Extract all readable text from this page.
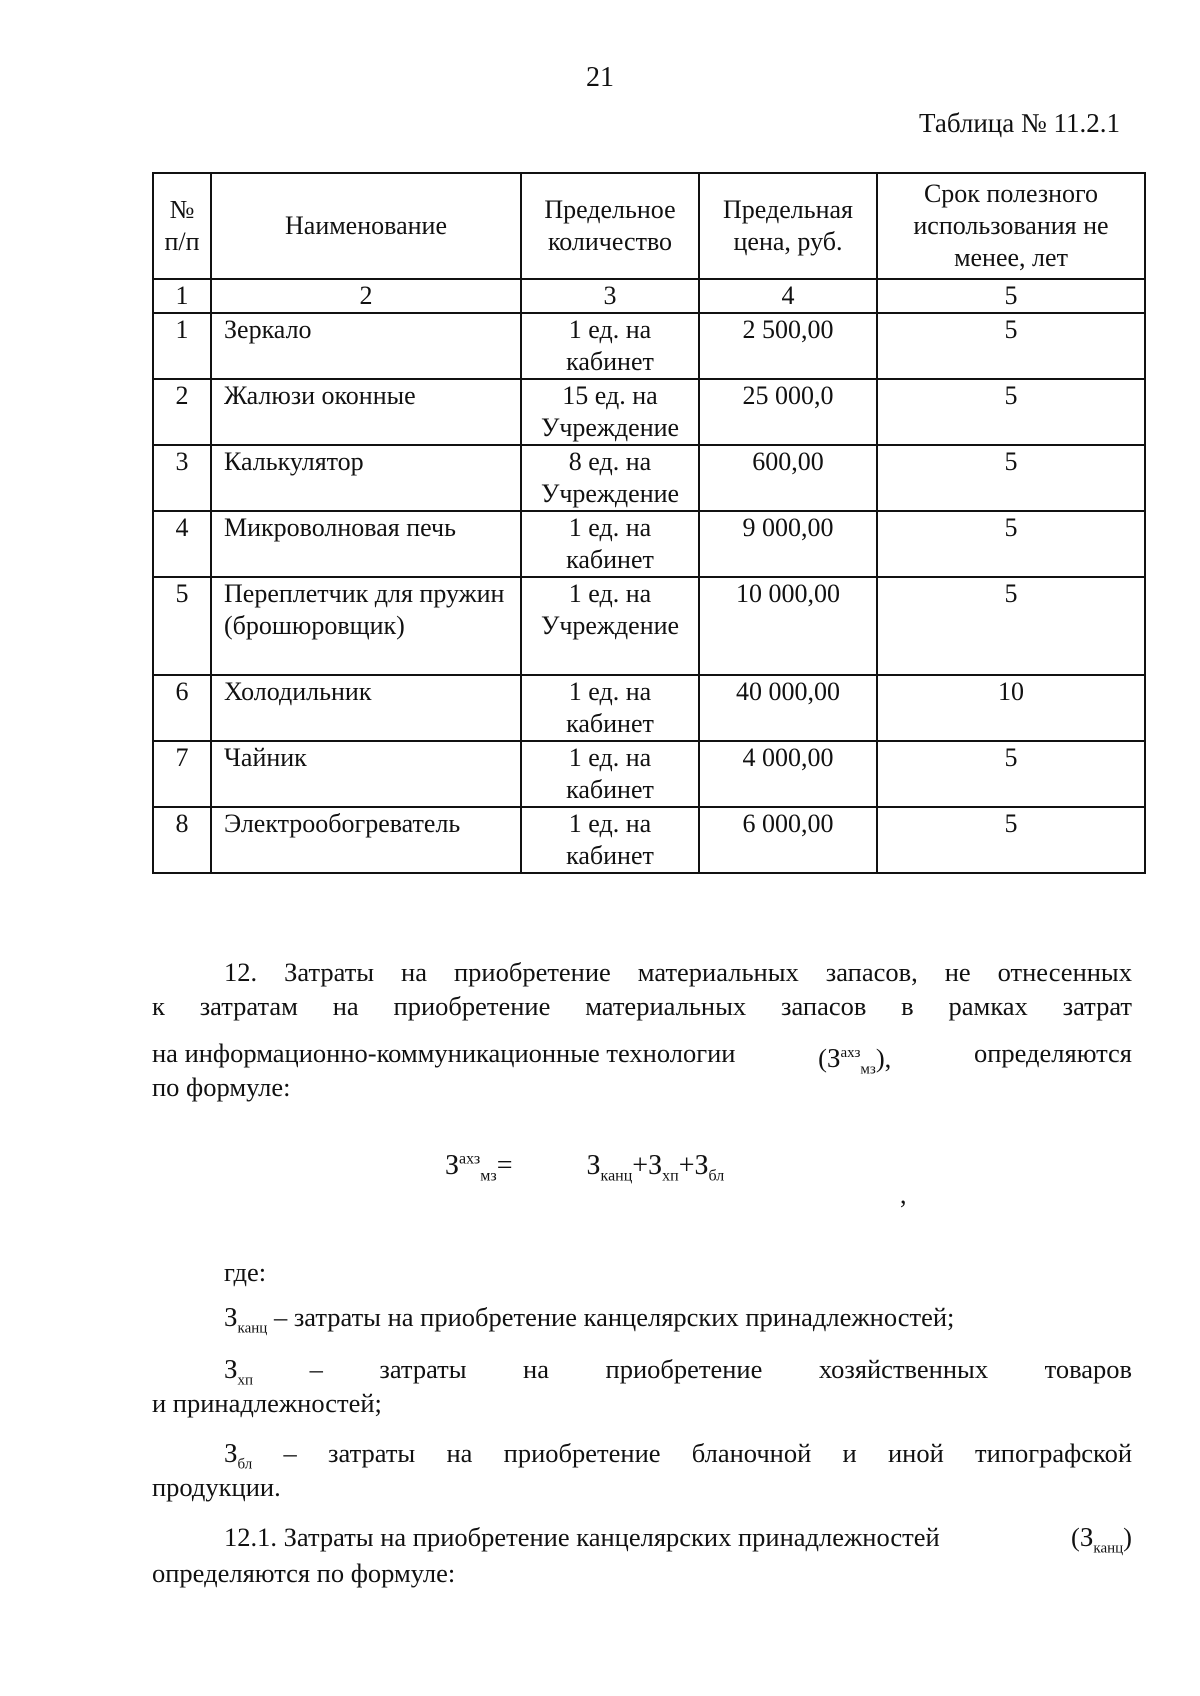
21
Таблица № 11.2.1
№ п/п	Наименование	Предельное количество	Предельная цена, руб.	Срок полезного использования не менее, лет
1	2	3	4	5
1	Зеркало	1 ед. на кабинет	2 500,00	5
2	Жалюзи оконные	15 ед. на Учреждение	25 000,0	5
3	Калькулятор	8 ед. на Учреждение	600,00	5
4	Микроволновая печь	1 ед. на кабинет	9 000,00	5
5	Переплетчик для пружин (брошюровщик)	1 ед. на Учреждение	10 000,00	5
6	Холодильник	1 ед. на кабинет	40 000,00	10
7	Чайник	1 ед. на кабинет	4 000,00	5
8	Электрообогреватель	1 ед. на кабинет	6 000,00	5
12. Затраты на приобретение материальных запасов, не отнесенных
к затратам на приобретение материальных запасов в рамках затрат
на информационно-коммуникационные технологии	$(З^{ахз}_{мз})$,	определяются
по формуле:
$З^{ахз}_{мз}=$	$З_{канц}+З_{хп}+З_{бл}$
,
где:
$З_{канц}$ – затраты на приобретение канцелярских принадлежностей;
$З_{хп}$ – затраты на приобретение хозяйственных товаров
и принадлежностей;
$З_{бл}$ – затраты на приобретение бланочной и иной типографской
продукции.
12.1. Затраты на приобретение канцелярских принадлежностей	$(З_{канц})$
определяются по формуле:
